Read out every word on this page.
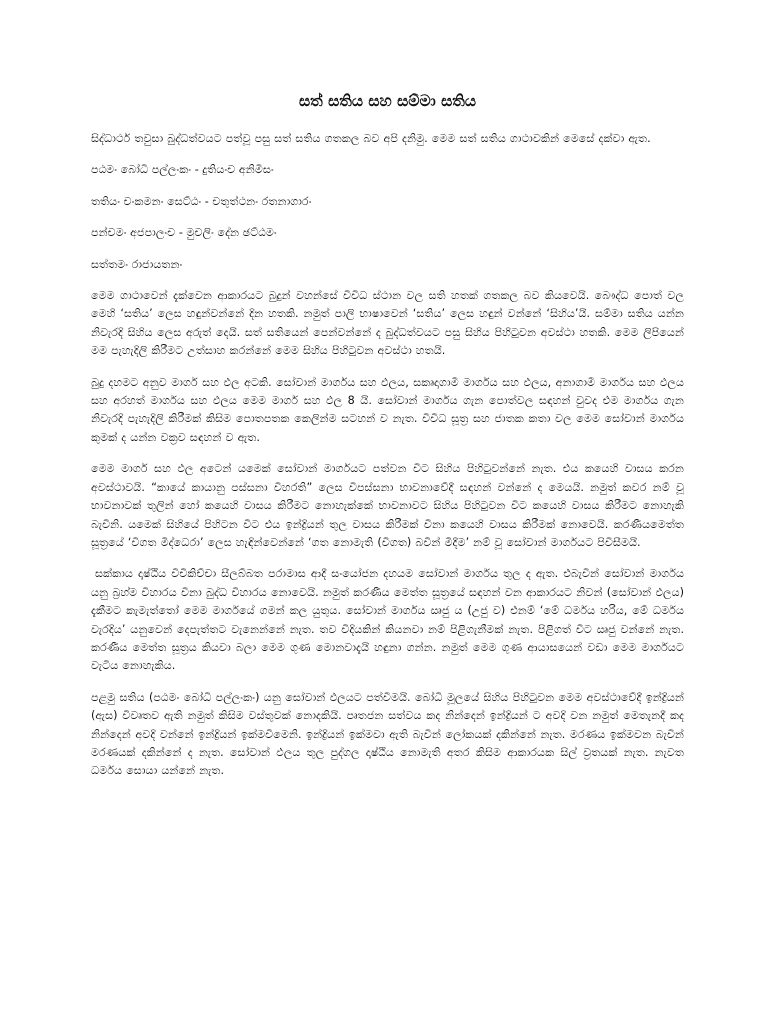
සත් සතිය සහ සම්මා සතිය
සිද්ධාර්ථ තවුසා බුද්ධත්වයට පත්වූ පසු සත් සතිය ගතකල බව අපි දනිමු. මෙම සත් සතිය ගාථාවකින් මෙසේ දක්වා ඇත.
පඨමං බෝධි පල්ලංකං - දුතියංච අනිමිසං
තතියං චංකමනං සෙට්ඨං - චතුත්ථනං රතනාගාරං
පන්චමං අජපාලංච - මුචලිං දේන ඡට්ඨමං
සත්තමං රාජායතනං
මෙම ගාථාවෙන් දැක්වෙන ආකාරයට බුදුන් වහන්සේ විවිධ ස්ථාන වල සති හතක් ගතකල බව කියවෙයි. බෞද්ධ පොත් වල මෙහි ‘සතිය’ ලෙස හඳුන්වන්නේ දින හතකි. නමුත් පාලි භාෂාවෙන් ‘සතිය’ ලෙස හඳුන් වන්නේ ‘සිහිය’යි. සම්මා සතිය යන්න නිවැරදි සිහිය ලෙස අරුත් දෙයි. සත් සතියෙන් පෙන්වන්නේ ද බුද්ධත්වයට පසු සිහිය පිහිටුවන අවස්ථා හතකි. මෙම ලිපියෙන් මම පැහැදිලි කිරීමට උත්සාහ කරන්නේ මෙම සිහිය පිහිටුවන අවස්ථා හතයි.
බුදු දහමට අනුව මාර්ග සහ ඵල අටකි. සෝවාන් මාර්ගය සහ ඵලය, සකෘදාගාමී මාර්ගය සහ ඵලය, අනාගාමී මාර්ගය සහ ඵලය සහ අරහත් මාර්ගය සහ ඵලය මෙම මාර්ග සහ ඵල 8 යි. සෝවාන් මාර්ගය ගැන පොත්වල සඳහන් වුවද එම මාර්ගය ගැන නිවැරදි පැහැදිලි කිරීමක් කිසිම පොතපතක කෙලින්ම සටහන් ව නැත. විවිධ සූත්‍ර සහ ජාතක කතා වල මෙම සෝවාන් මාර්ගය කුමක් ද යන්න වක්‍රව සඳහන් ව ඇත.
මෙම මාර්ග සහ ඵල අටෙන් යමෙක් සෝවාන් මාර්ගයට පත්වන විට සිහිය පිහිටුවන්නේ නැත. එය කයෙහි වාසය කරන අවස්ථාවයි. “කායේ කායානු පස්සනා විහරති” ලෙස විපස්සනා භාවනාවේදී සඳහන් වන්නේ ද මෙයයි. නමුත් කවර නම් වූ භාවනාවක් තුලින් හෝ කයෙහි වාසය කිරීමට නොහැක්කේ භාවනාවට සිහිය පිහිටුවන විට කයෙහි වාසය කිරීමට නොහැකි බැවිනි. යමෙක් සිහියේ පිහිටන විට එය ඉන්ද්‍රියන් තුල වාසය කිරීමක් විනා කයෙහි වාසය කිරීමක් නොවෙයි. කරණීයමෙත්ත සූත්‍රයේ ‘විගත මිද්ධෙරා’ ලෙස හැඳින්වෙන්නේ ‘ගත නොමැති (විගත) බවින් මිදීම’ නම් වූ සෝවාන් මාර්ගයට පිවිසීමයි.
සක්කාය දෘෂ්ඨිය විචිකිච්චා සීලබ්බත පරාමාස ආදී සංයෝජන දහයම සෝවාන් මාර්ගය තුල ද ඇත. එබැවින් සෝවාන් මාර්ගය යනු බ්‍රහ්ම විහාරය විනා බුද්ධ විහාරය නොවෙයි. නමුත් කරණීය මෙත්ත සූත්‍රයේ සඳහන් වන ආකාරයට නිවන් (සෝවාන් ඵලය) දැකීමට කැමැත්තෝ මෙම මාර්ගයේ ගමන් කල යුතුය. සෝවාන් මාර්ගය ඍජු ය (උජු ව) එනම් ‘මේ ධර්මය හරිය, මේ ධර්මය වැරදිය’ යනුවෙන් දෙපැත්තට වැනෙන්නේ නැත. තව විදියකින් කියනවා නම් පිළිගැනීමක් නැත. පිළිගත් විට ඍජු වන්නේ නැත. කරණීය මෙත්ත සූත්‍රය කියවා බලා මෙම ගුණ මොනවාදැයි හඳුනා ගන්න. නමුත් මෙම ගුණ ආයාසයෙන් වඩා මෙම මාර්ගයට වැටිය නොහැකිය.
පළමු සතිය (පඨමං බෝධි පල්ලංකං) යනු සෝවාන් ඵලයට පත්වීමයි. බෝධි මූලයේ සිහිය පිහිටුවන මෙම අවස්ථාවේදී ඉන්ද්‍රියන් (ඇස) විවෘතව ඇති නමුත් කිසිම වස්තුවක් නොදකියි. පෘතජන සත්වය කද නින්දෙන් ඉන්ද්‍රියන් ට අවදි වන නමුත් මෙතැනදී කද නින්දෙන් අවදි වන්නේ ඉන්ද්‍රියන් ඉක්මවීමෙනි. ඉන්ද්‍රියන් ඉක්මවා ඇති බැවින් ලෝකයක් දකින්නේ නැත. මරණය ඉක්මවන බැවින් මරණයක් දකින්නේ ද නැත. සෝවාන් ඵලය තුල පුද්ගල දෘෂ්ඨිය නොමැති අතර කිසිම ආකාරයක සිල් ව්‍රතයක් නැත. නැවත ධර්මය සොයා යන්නේ නැත.
